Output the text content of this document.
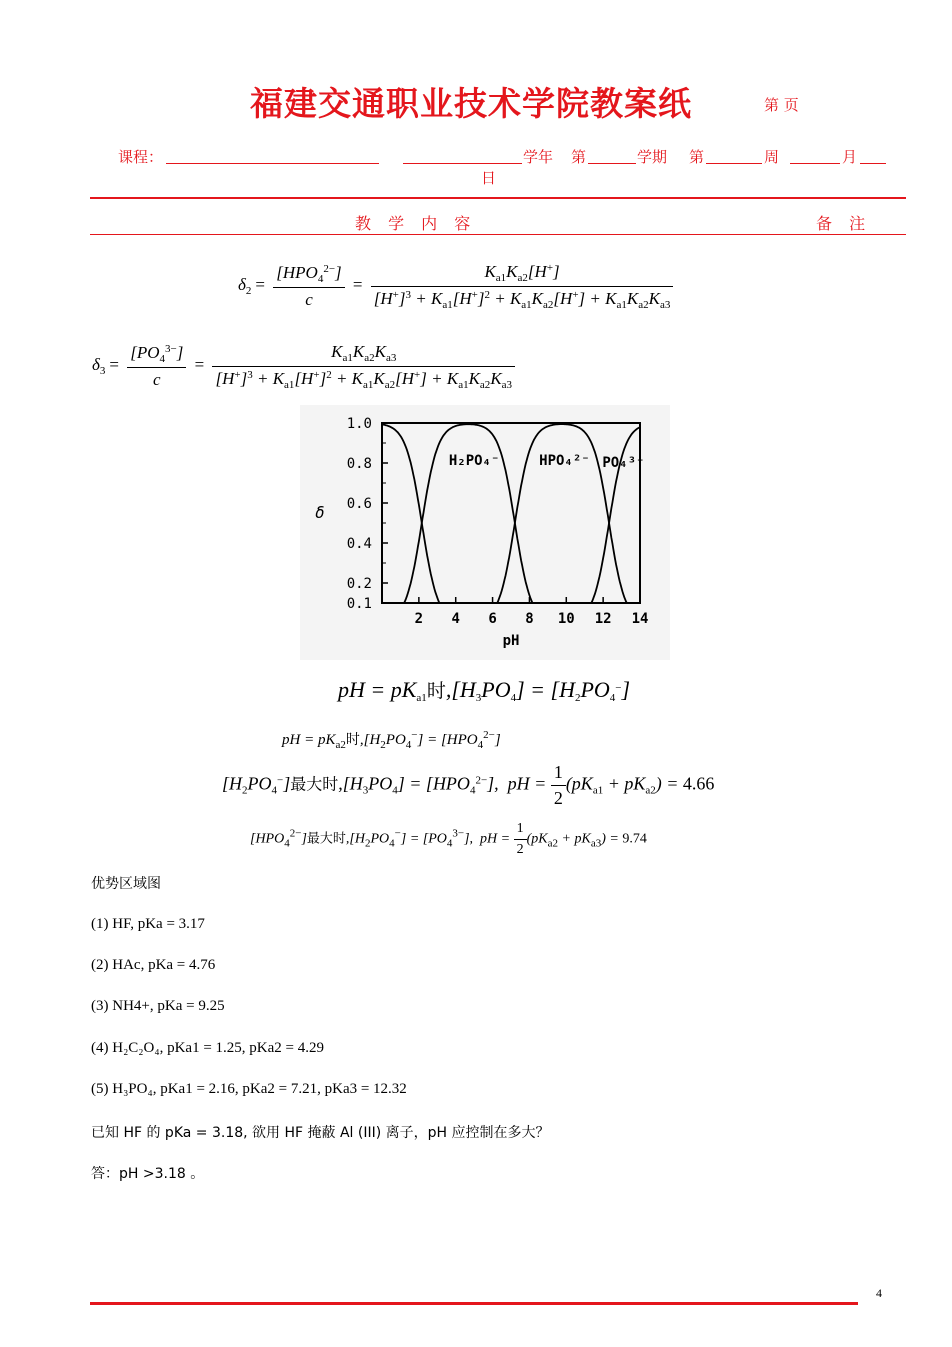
福建交通职业技术学院教案纸	第 页
课程：	学年 第	学期 第	周	月
日
教 学 内 容	备 注
$\delta_2 = \frac{[HPO_4^{2-}]}{c} = \frac{K_{a1}K_{a2}[H^+]}{[H^+]^3 + K_{a1}[H^+]^2 + K_{a1}K_{a2}[H^+] + K_{a1}K_{a2}K_{a3}}$
$\delta_3 = \frac{[PO_4^{3-}]}{c} = \frac{K_{a1}K_{a2}K_{a3}}{[H^+]^3 + K_{a1}[H^+]^2 + K_{a1}K_{a2}[H^+] + K_{a1}K_{a2}K_{a3}}$
1.0
0.8
0.6
0.4
0.2
0.1
2 4 6 8 10 12 14
pH
δ
H₂PO₄⁻	HPO₄²⁻ PO₄³⁻
pH = pKa1时,[H3PO4] = [H2PO4−]
pH = $pK_{a2}$时$,[H_2PO_4^-] = [HPO_4^{2-}]$
$[H_2PO_4^-]$最大时$,[H_3PO_4] = [HPO_4^{2-}]$,  pH = $\frac{1}{2} (pK_{a1} + pK_{a2}) = 4.66$
$[HPO_4^{2-}]$最大时$,[H_2PO_4^-] = [PO_4^{3-}]$,  pH = $\frac{1}{2} (pK_{a2} + pK_{a3}) = 9.74$
优势区域图
(1) HF, pKa = 3.17
(2) HAc, pKa = 4.76
(3) NH4+, pKa = 9.25
(4) H₂C₂O₄, pKa1 = 1.25, pKa2 = 4.29
(5) H₃PO₄, pKa1 = 2.16, pKa2 = 7.21, pKa3 = 12.32
已知 HF 的 pKa = 3.18, 欲用 HF 掩蔽 Al (III) 离子，pH 应控制在多大？
答：pH >3.18 。
4
